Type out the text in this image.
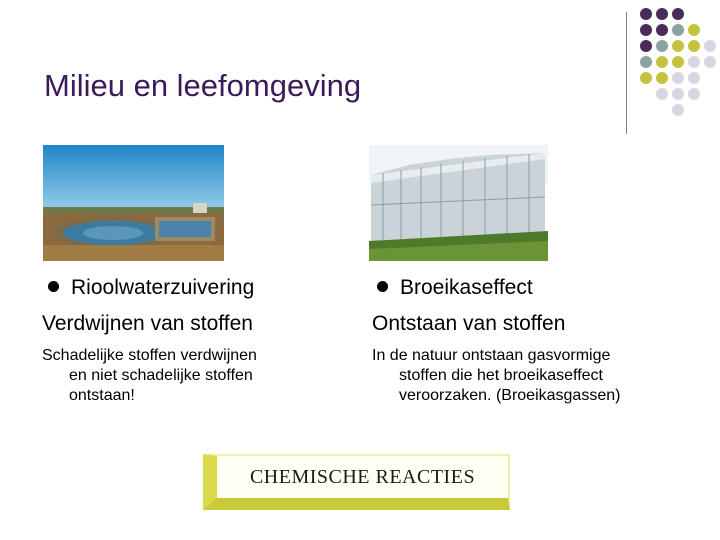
Milieu en leefomgeving
Rioolwaterzuivering
Verdwijnen van stoffen
Schadelijke stoffen verdwijnen
en niet schadelijke stoffen
ontstaan!
Broeikaseffect
Ontstaan van stoffen
In de natuur ontstaan gasvormige
stoffen die het broeikaseffect
veroorzaken. (Broeikasgassen)
CHEMISCHE REACTIES
